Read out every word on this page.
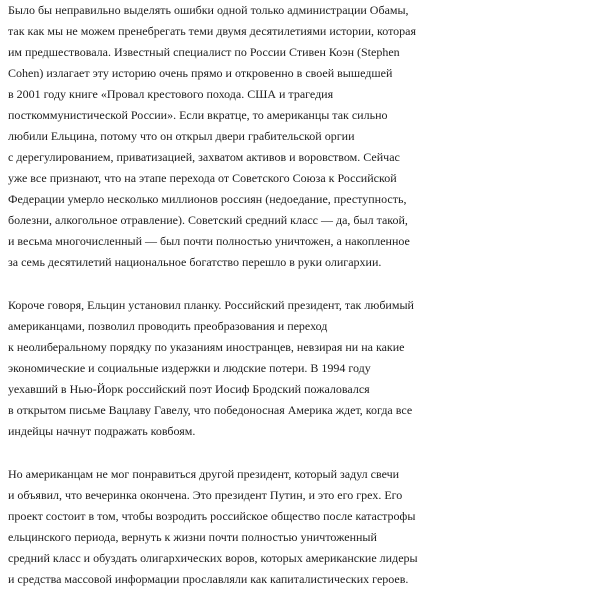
Было бы неправильно выделять ошибки одной только администрации Обамы,
так как мы не можем пренебрегать теми двумя десятилетиями истории, которая
им предшествовала. Известный специалист по России Стивен Коэн (Stephen
Cohen) излагает эту историю очень прямо и откровенно в своей вышедшей
в 2001 году книге «Провал крестового похода. США и трагедия
посткоммунистической России». Если вкратце, то американцы так сильно
любили Ельцина, потому что он открыл двери грабительской оргии
с дерегулированием, приватизацией, захватом активов и воровством. Сейчас
уже все признают, что на этапе перехода от Советского Союза к Российской
Федерации умерло несколько миллионов россиян (недоедание, преступность,
болезни, алкогольное отравление). Советский средний класс — да, был такой,
и весьма многочисленный — был почти полностью уничтожен, а накопленное
за семь десятилетий национальное богатство перешло в руки олигархии.
Короче говоря, Ельцин установил планку. Российский президент, так любимый
американцами, позволил проводить преобразования и переход
к неолиберальному порядку по указаниям иностранцев, невзирая ни на какие
экономические и социальные издержки и людские потери. В 1994 году
уехавший в Нью-Йорк российский поэт Иосиф Бродский пожаловался
в открытом письме Вацлаву Гавелу, что победоносная Америка ждет, когда все
индейцы начнут подражать ковбоям.
Но американцам не мог понравиться другой президент, который задул свечи
и объявил, что вечеринка окончена. Это президент Путин, и это его грех. Его
проект состоит в том, чтобы возродить российское общество после катастрофы
ельцинского периода, вернуть к жизни почти полностью уничтоженный
средний класс и обуздать олигархических воров, которых американские лидеры
и средства массовой информации прославляли как капиталистических героев.
